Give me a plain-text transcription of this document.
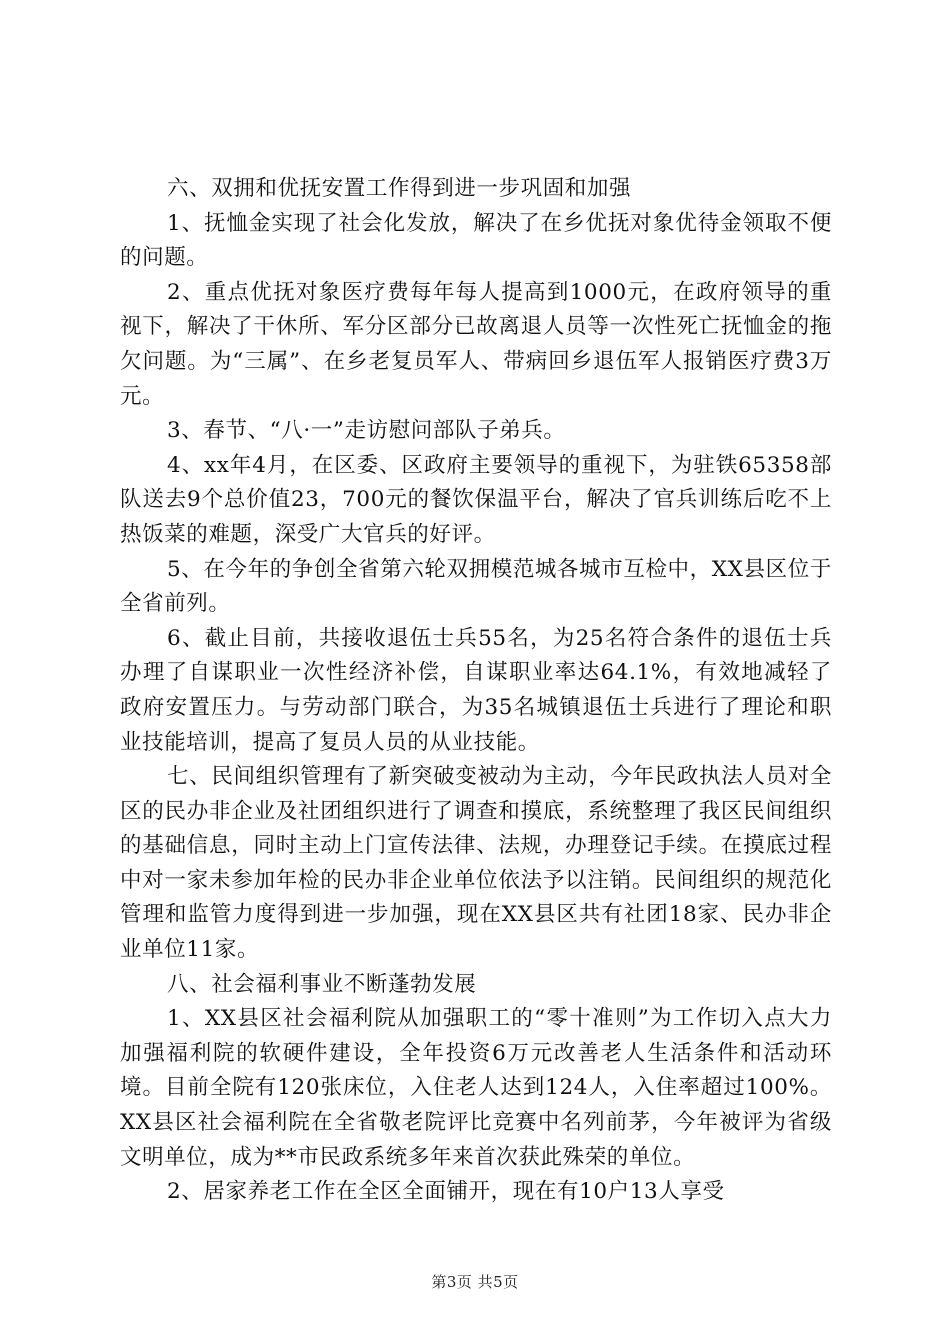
六、双拥和优抚安置工作得到进一步巩固和加强

1、抚恤金实现了社会化发放，解决了在乡优抚对象优待金领取不便的问题。

2、重点优抚对象医疗费每年每人提高到1000元，在政府领导的重视下，解决了干休所、军分区部分已故离退人员等一次性死亡抚恤金的拖欠问题。为“三属”、在乡老复员军人、带病回乡退伍军人报销医疗费3万元。

3、春节、“八·一”走访慰问部队子弟兵。

4、xx年4月，在区委、区政府主要领导的重视下，为驻铁65358部队送去9个总价值23，700元的餐饮保温平台，解决了官兵训练后吃不上热饭菜的难题，深受广大官兵的好评。

5、在今年的争创全省第六轮双拥模范城各城市互检中，XX县区位于全省前列。

6、截止目前，共接收退伍士兵55名，为25名符合条件的退伍士兵办理了自谋职业一次性经济补偿，自谋职业率达64.1%，有效地减轻了政府安置压力。与劳动部门联合，为35名城镇退伍士兵进行了理论和职业技能培训，提高了复员人员的从业技能。

七、民间组织管理有了新突破变被动为主动，今年民政执法人员对全区的民办非企业及社团组织进行了调查和摸底，系统整理了我区民间组织的基础信息，同时主动上门宣传法律、法规，办理登记手续。在摸底过程中对一家未参加年检的民办非企业单位依法予以注销。民间组织的规范化管理和监管力度得到进一步加强，现在XX县区共有社团18家、民办非企业单位11家。

八、社会福利事业不断蓬勃发展

1、XX县区社会福利院从加强职工的“零十准则”为工作切入点大力加强福利院的软硬件建设，全年投资6万元改善老人生活条件和活动环境。目前全院有120张床位，入住老人达到124人，入住率超过100%。XX县区社会福利院在全省敬老院评比竞赛中名列前茅，今年被评为省级文明单位，成为**市民政系统多年来首次获此殊荣的单位。

2、居家养老工作在全区全面铺开，现在有10户13人享受

第3页 共5页
